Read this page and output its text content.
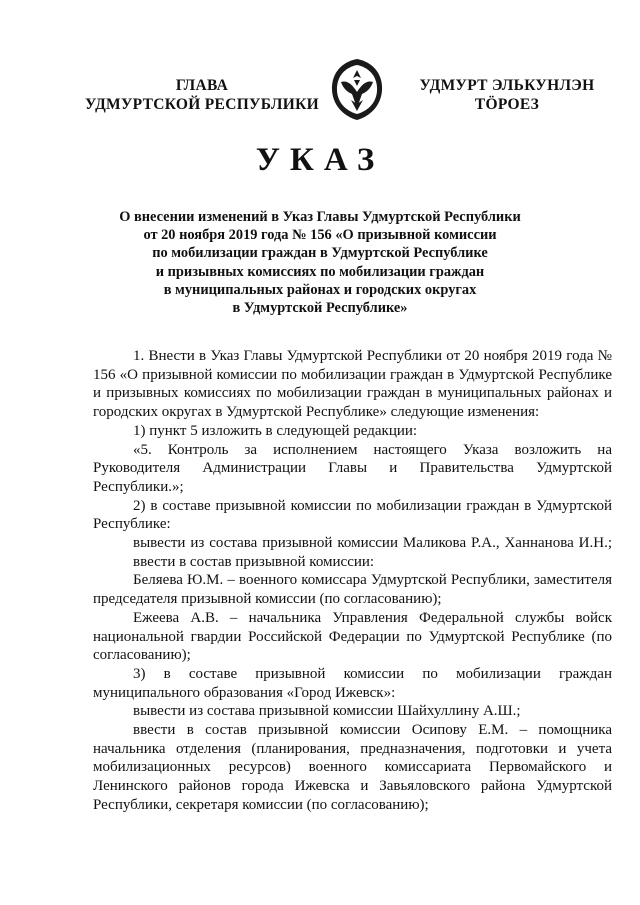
ГЛАВА
УДМУРТСКОЙ РЕСПУБЛИКИ
УДМУРТ ЭЛЬКУНЛЭН
ТӦРОЕЗ
УКАЗ
О внесении изменений в Указ Главы Удмуртской Республики
от 20 ноября 2019 года № 156 «О призывной комиссии
по мобилизации граждан в Удмуртской Республике
и призывных комиссиях по мобилизации граждан
в муниципальных районах и городских округах
в Удмуртской Республике»

1. Внести в Указ Главы Удмуртской Республики от 20 ноября 2019 года № 156 «О призывной комиссии по мобилизации граждан в Удмуртской Республике и призывных комиссиях по мобилизации граждан в муниципальных районах и городских округах в Удмуртской Республике» следующие изменения:

1) пункт 5 изложить в следующей редакции:

«5. Контроль за исполнением настоящего Указа возложить на Руководителя Администрации Главы и Правительства Удмуртской Республики.»;

2) в составе призывной комиссии по мобилизации граждан в Удмуртской Республике:

вывести из состава призывной комиссии Маликова Р.А., Ханнанова И.Н.;

ввести в состав призывной комиссии:

Беляева Ю.М. – военного комиссара Удмуртской Республики, заместителя председателя призывной комиссии (по согласованию);

Ежеева А.В. – начальника Управления Федеральной службы войск национальной гвардии Российской Федерации по Удмуртской Республике (по согласованию);

3) в составе призывной комиссии по мобилизации граждан муниципального образования «Город Ижевск»:

вывести из состава призывной комиссии Шайхуллину А.Ш.;

ввести в состав призывной комиссии Осипову Е.М. – помощника начальника отделения (планирования, предназначения, подготовки и учета мобилизационных ресурсов) военного комиссариата Первомайского и Ленинского районов города Ижевска и Завьяловского района Удмуртской Республики, секретаря комиссии (по согласованию);
